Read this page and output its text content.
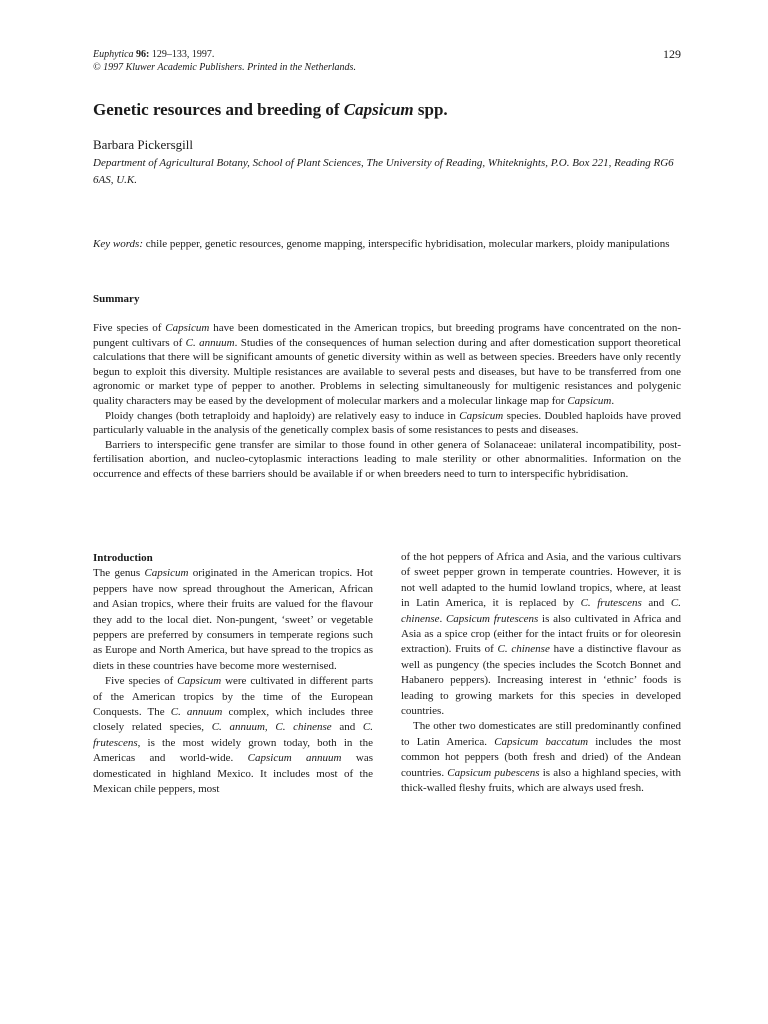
Euphytica 96: 129–133, 1997.
© 1997 Kluwer Academic Publishers. Printed in the Netherlands.
129
Genetic resources and breeding of Capsicum spp.
Barbara Pickersgill
Department of Agricultural Botany, School of Plant Sciences, The University of Reading, Whiteknights, P.O. Box 221, Reading RG6 6AS, U.K.
Key words: chile pepper, genetic resources, genome mapping, interspecific hybridisation, molecular markers, ploidy manipulations
Summary

Five species of Capsicum have been domesticated in the American tropics, but breeding programs have concentrated on the non-pungent cultivars of C. annuum. Studies of the consequences of human selection during and after domestication support theoretical calculations that there will be significant amounts of genetic diversity within as well as between species. Breeders have only recently begun to exploit this diversity. Multiple resistances are available to several pests and diseases, but have to be transferred from one agronomic or market type of pepper to another. Problems in selecting simultaneously for multigenic resistances and polygenic quality characters may be eased by the development of molecular markers and a molecular linkage map for Capsicum.

Ploidy changes (both tetraploidy and haploidy) are relatively easy to induce in Capsicum species. Doubled haploids have proved particularly valuable in the analysis of the genetically complex basis of some resistances to pests and diseases.

Barriers to interspecific gene transfer are similar to those found in other genera of Solanaceae: unilateral incompatibility, post-fertilisation abortion, and nucleo-cytoplasmic interactions leading to male sterility or other abnormalities. Information on the occurrence and effects of these barriers should be available if or when breeders need to turn to interspecific hybridisation.

Introduction

The genus Capsicum originated in the American tropics. Hot peppers have now spread throughout the American, African and Asian tropics, where their fruits are valued for the flavour they add to the local diet. Non-pungent, ‘sweet’ or vegetable peppers are preferred by consumers in temperate regions such as Europe and North America, but have spread to the tropics as diets in these countries have become more westernised.

Five species of Capsicum were cultivated in different parts of the American tropics by the time of the European Conquests. The C. annuum complex, which includes three closely related species, C. annuum, C. chinense and C. frutescens, is the most widely grown today, both in the Americas and world-wide. Capsicum annuum was domesticated in highland Mexico. It includes most of the Mexican chile peppers, most

of the hot peppers of Africa and Asia, and the various cultivars of sweet pepper grown in temperate countries. However, it is not well adapted to the humid lowland tropics, where, at least in Latin America, it is replaced by C. frutescens and C. chinense. Capsicum frutescens is also cultivated in Africa and Asia as a spice crop (either for the intact fruits or for oleoresin extraction). Fruits of C. chinense have a distinctive flavour as well as pungency (the species includes the Scotch Bonnet and Habanero peppers). Increasing interest in ‘ethnic’ foods is leading to growing markets for this species in developed countries.

The other two domesticates are still predominantly confined to Latin America. Capsicum baccatum includes the most common hot peppers (both fresh and dried) of the Andean countries. Capsicum pubescens is also a highland species, with thick-walled fleshy fruits, which are always used fresh.
